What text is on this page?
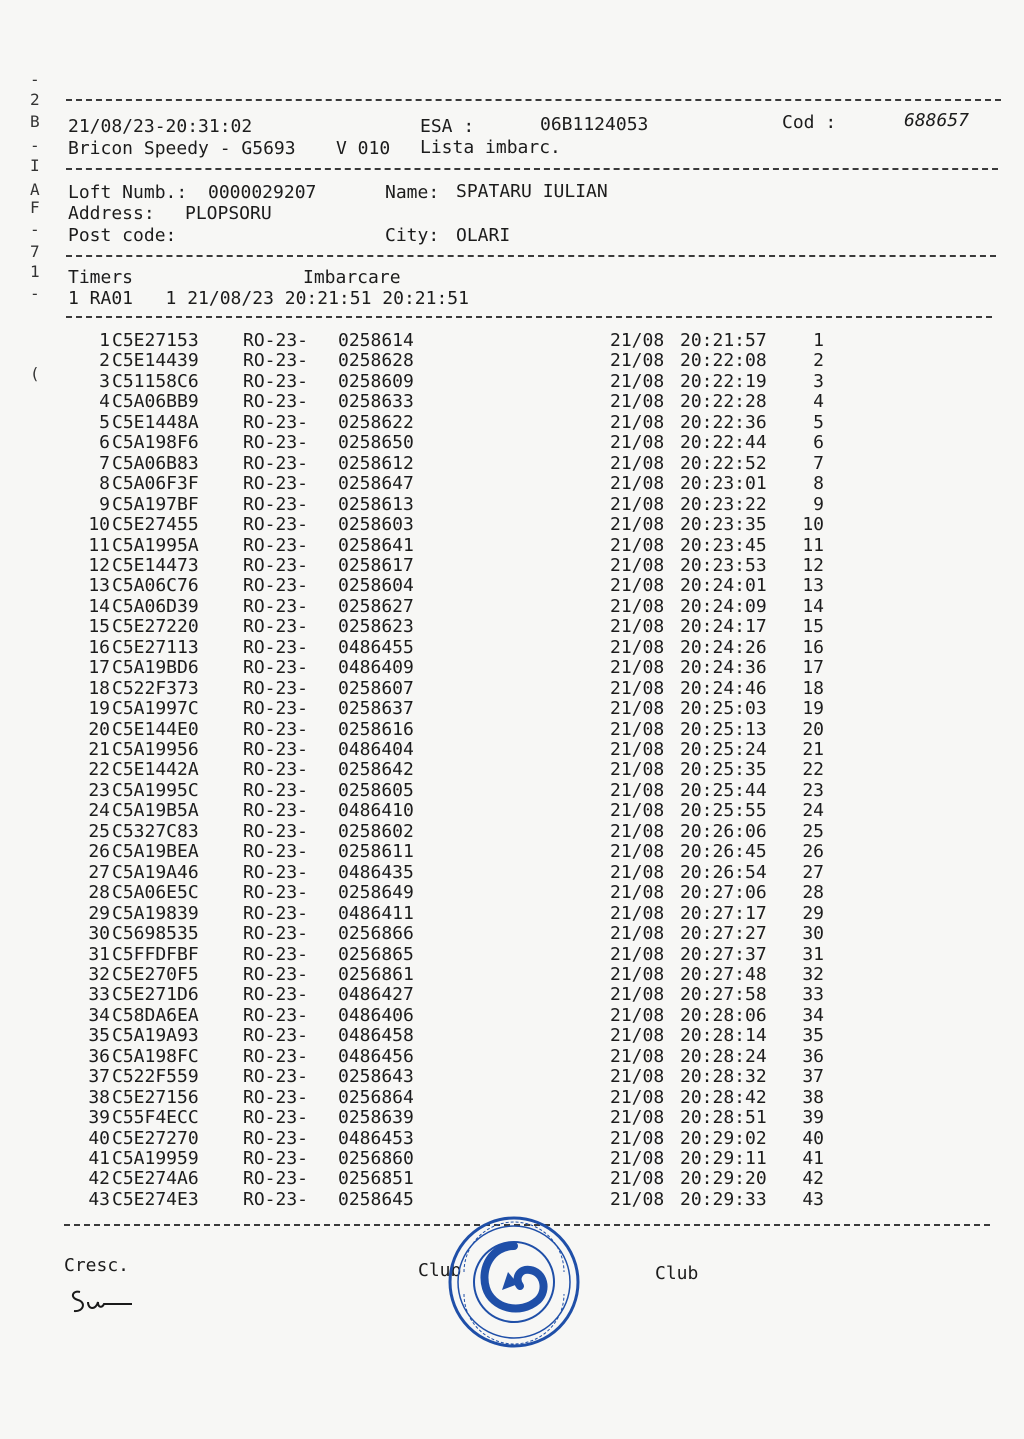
-
2
B
-
I
A
F
-
7
1
-
(
21/08/23-20:31:02	ESA :	06B1124053	Cod :	688657
Bricon Speedy - G5693 V 010 Lista imbarc.
Loft Numb.: 0000029207	Name: SPATARU IULIAN
Address: PLOPSORU
Post code:	City: OLARI
Timers	Imbarcare
1 RA01   1 21/08/23 20:21:51 20:21:51
1 C5E27153 RO-23- 0258614	21/08 20:21:57	1
2 C5E14439 RO-23- 0258628	21/08 20:22:08	2
3 C51158C6 RO-23- 0258609	21/08 20:22:19	3
4 C5A06BB9 RO-23- 0258633	21/08 20:22:28	4
5 C5E1448A RO-23- 0258622	21/08 20:22:36	5
6 C5A198F6 RO-23- 0258650	21/08 20:22:44	6
7 C5A06B83 RO-23- 0258612	21/08 20:22:52	7
8 C5A06F3F RO-23- 0258647	21/08 20:23:01	8
9 C5A197BF RO-23- 0258613	21/08 20:23:22	9
10 C5E27455 RO-23- 0258603	21/08 20:23:35 10
11 C5A1995A RO-23- 0258641	21/08 20:23:45 11
12 C5E14473 RO-23- 0258617	21/08 20:23:53 12
13 C5A06C76 RO-23- 0258604	21/08 20:24:01 13
14 C5A06D39 RO-23- 0258627	21/08 20:24:09 14
15 C5E27220 RO-23- 0258623	21/08 20:24:17 15
16 C5E27113 RO-23- 0486455	21/08 20:24:26 16
17 C5A19BD6 RO-23- 0486409	21/08 20:24:36 17
18 C522F373 RO-23- 0258607	21/08 20:24:46 18
19 C5A1997C RO-23- 0258637	21/08 20:25:03 19
20 C5E144E0 RO-23- 0258616	21/08 20:25:13 20
21 C5A19956 RO-23- 0486404	21/08 20:25:24 21
22 C5E1442A RO-23- 0258642	21/08 20:25:35 22
23 C5A1995C RO-23- 0258605	21/08 20:25:44 23
24 C5A19B5A RO-23- 0486410	21/08 20:25:55 24
25 C5327C83 RO-23- 0258602	21/08 20:26:06 25
26 C5A19BEA RO-23- 0258611	21/08 20:26:45 26
27 C5A19A46 RO-23- 0486435	21/08 20:26:54 27
28 C5A06E5C RO-23- 0258649	21/08 20:27:06 28
29 C5A19839 RO-23- 0486411	21/08 20:27:17 29
30 C5698535 RO-23- 0256866	21/08 20:27:27 30
31 C5FFDFBF RO-23- 0256865	21/08 20:27:37 31
32 C5E270F5 RO-23- 0256861	21/08 20:27:48 32
33 C5E271D6 RO-23- 0486427	21/08 20:27:58 33
34 C58DA6EA RO-23- 0486406	21/08 20:28:06 34
35 C5A19A93 RO-23- 0486458	21/08 20:28:14 35
36 C5A198FC RO-23- 0486456	21/08 20:28:24 36
37 C522F559 RO-23- 0258643	21/08 20:28:32 37
38 C5E27156 RO-23- 0256864	21/08 20:28:42 38
39 C55F4ECC RO-23- 0258639	21/08 20:28:51 39
40 C5E27270 RO-23- 0486453	21/08 20:29:02 40
41 C5A19959 RO-23- 0256860	21/08 20:29:11 41
42 C5E274A6 RO-23- 0256851	21/08 20:29:20 42
43 C5E274E3 RO-23- 0258645	21/08 20:29:33 43
Cresc.	Club	Club
